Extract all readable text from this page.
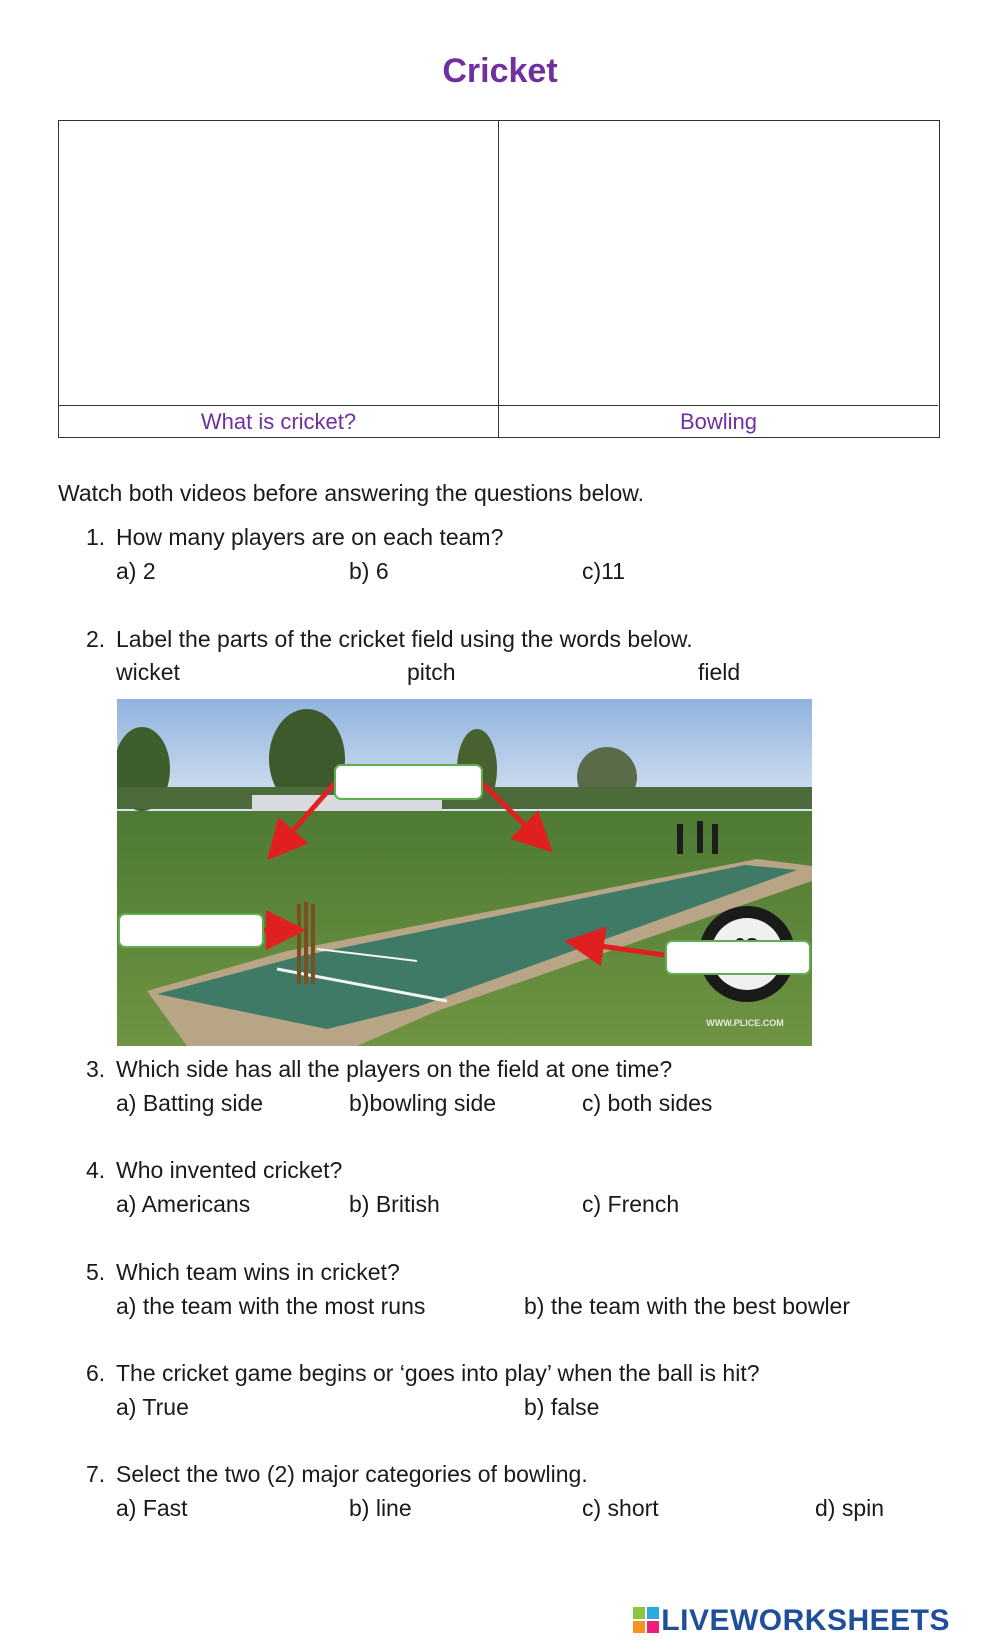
Cricket
What is cricket?	Bowling
Watch both videos before answering the questions below.
1. How many players are on each team?
a) 2	b) 6	c)11
2. Label the parts of the cricket field using the words below.
wicket	pitch	field
WWW.PLICE.COM
3. Which side has all the players on the field at one time?
a) Batting side	b)bowling side	c) both sides
4. Who invented cricket?
a) Americans	b) British	c) French
5. Which team wins in cricket?
a) the team with the most runs	b) the team with the best bowler
6. The cricket game begins or ‘goes into play’ when the ball is hit?
a) True	b) false
7. Select the two (2) major categories of bowling.
a) Fast	b) line	c) short	d) spin
LIVEWORKSHEETS
